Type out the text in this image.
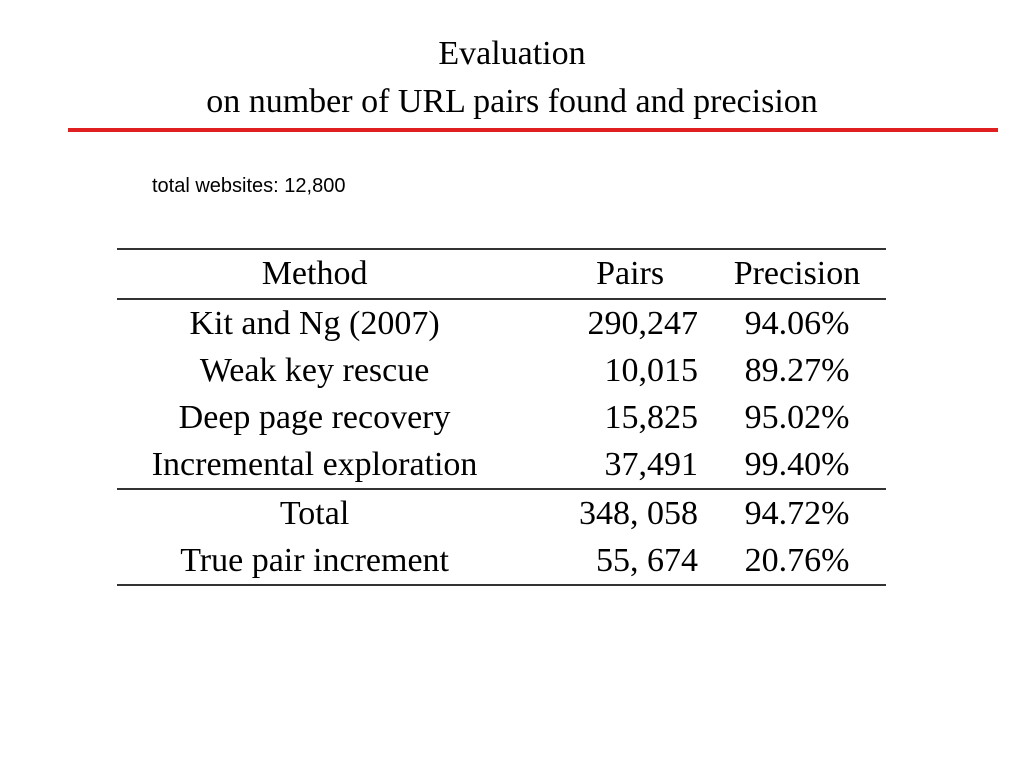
Evaluation
on number of URL pairs found and precision
total websites: 12,800
Method	Pairs	Precision
Kit and Ng (2007)	290,247	94.06%
Weak key rescue	10,015	89.27%
Deep page recovery	15,825	95.02%
Incremental exploration	37,491	99.40%
Total	348, 058	94.72%
True pair increment	55, 674	20.76%
